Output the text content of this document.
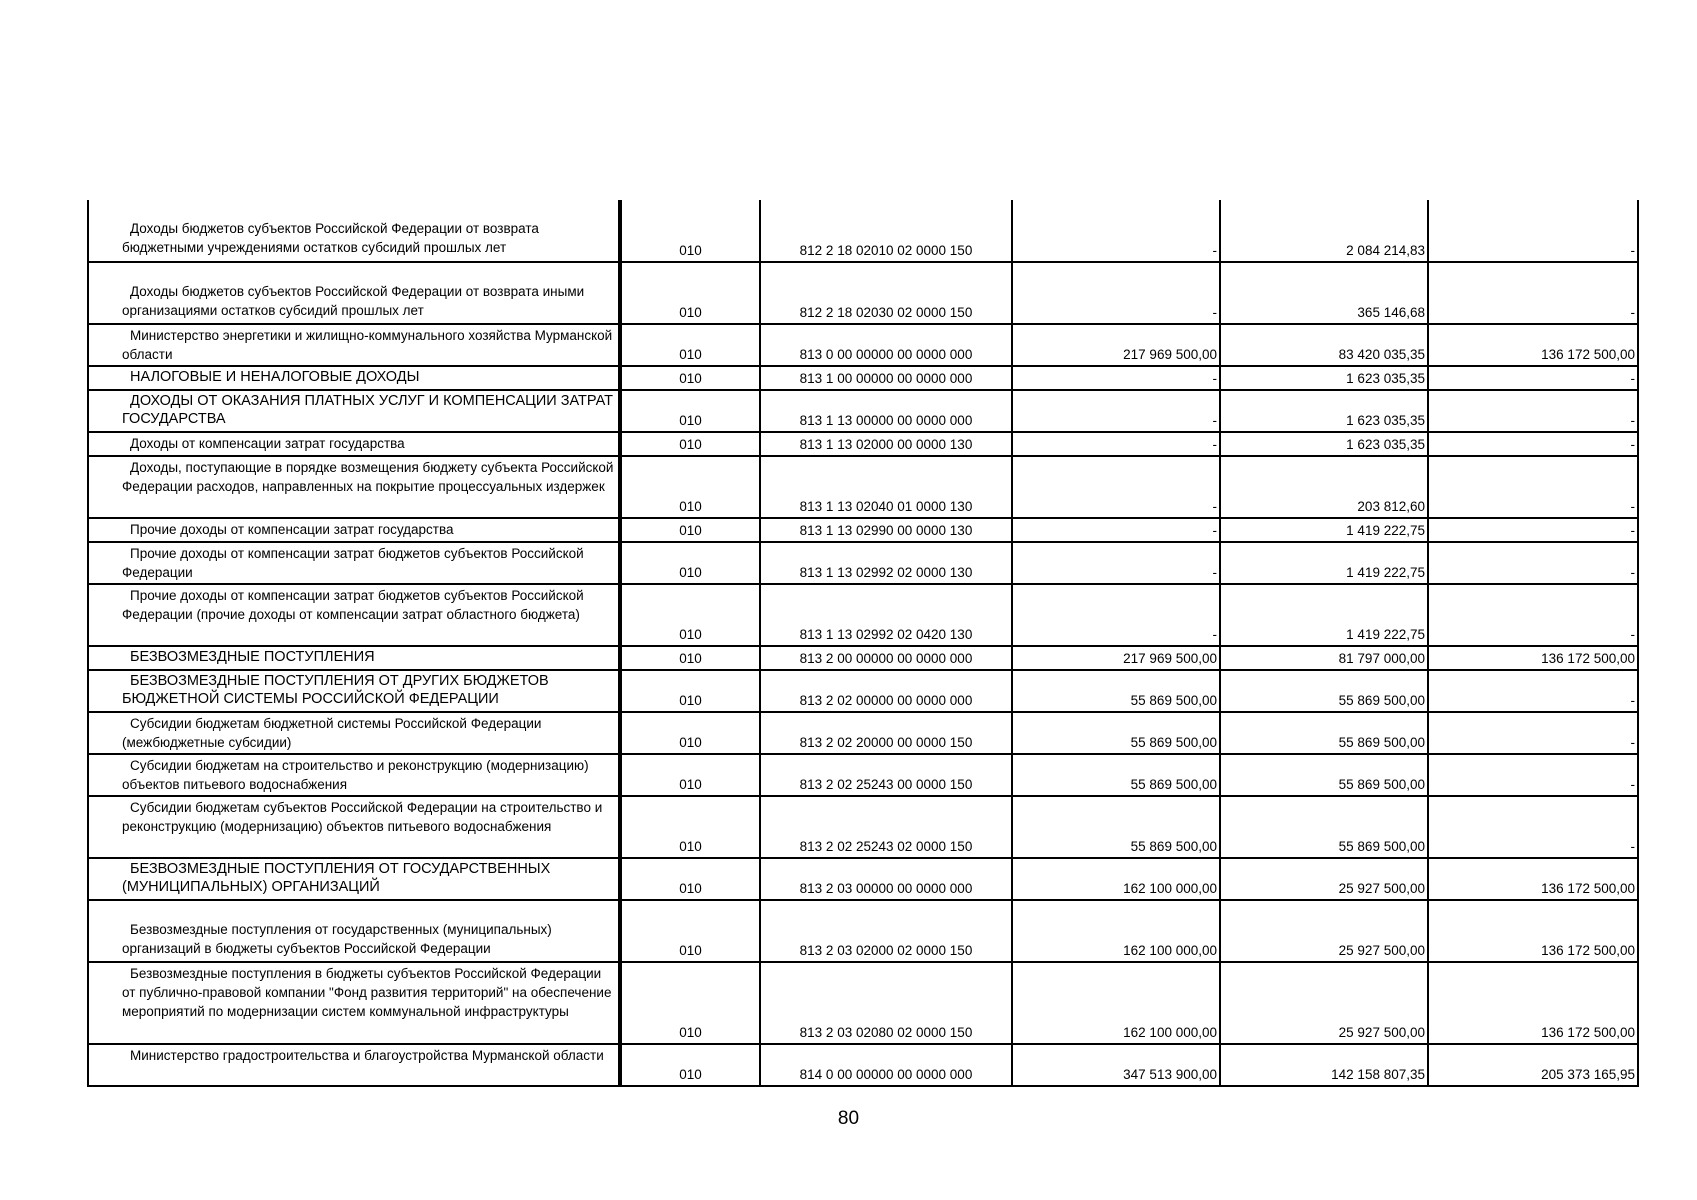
Доходы бюджетов субъектов Российской Федерации от возврата бюджетными учреждениями остатков субсидий прошлых лет	010	812 2 18 02010 02 0000 150	-	2 084 214,83	-
Доходы бюджетов субъектов Российской Федерации от возврата иными организациями остатков субсидий прошлых лет	010	812 2 18 02030 02 0000 150	-	365 146,68	-
Министерство энергетики и жилищно-коммунального хозяйства Мурманской области	010	813 0 00 00000 00 0000 000	217 969 500,00	83 420 035,35	136 172 500,00
НАЛОГОВЫЕ И НЕНАЛОГОВЫЕ ДОХОДЫ	010	813 1 00 00000 00 0000 000	-	1 623 035,35	-
ДОХОДЫ ОТ ОКАЗАНИЯ ПЛАТНЫХ УСЛУГ И КОМПЕНСАЦИИ ЗАТРАТ ГОСУДАРСТВА	010	813 1 13 00000 00 0000 000	-	1 623 035,35	-
Доходы от компенсации затрат государства	010	813 1 13 02000 00 0000 130	-	1 623 035,35	-
Доходы, поступающие в порядке возмещения бюджету субъекта Российской Федерации расходов, направленных на покрытие процессуальных издержек	010	813 1 13 02040 01 0000 130	-	203 812,60	-
Прочие доходы от компенсации затрат государства	010	813 1 13 02990 00 0000 130	-	1 419 222,75	-
Прочие доходы от компенсации затрат бюджетов субъектов Российской Федерации	010	813 1 13 02992 02 0000 130	-	1 419 222,75	-
Прочие доходы от компенсации затрат бюджетов субъектов Российской Федерации (прочие доходы от компенсации затрат областного бюджета)	010	813 1 13 02992 02 0420 130	-	1 419 222,75	-
БЕЗВОЗМЕЗДНЫЕ ПОСТУПЛЕНИЯ	010	813 2 00 00000 00 0000 000	217 969 500,00	81 797 000,00	136 172 500,00
БЕЗВОЗМЕЗДНЫЕ ПОСТУПЛЕНИЯ ОТ ДРУГИХ БЮДЖЕТОВ БЮДЖЕТНОЙ СИСТЕМЫ РОССИЙСКОЙ ФЕДЕРАЦИИ	010	813 2 02 00000 00 0000 000	55 869 500,00	55 869 500,00	-
Субсидии бюджетам бюджетной системы Российской Федерации (межбюджетные субсидии)	010	813 2 02 20000 00 0000 150	55 869 500,00	55 869 500,00	-
Субсидии бюджетам на строительство и реконструкцию (модернизацию) объектов питьевого водоснабжения	010	813 2 02 25243 00 0000 150	55 869 500,00	55 869 500,00	-
Субсидии бюджетам субъектов Российской Федерации на строительство и реконструкцию (модернизацию) объектов питьевого водоснабжения	010	813 2 02 25243 02 0000 150	55 869 500,00	55 869 500,00	-
БЕЗВОЗМЕЗДНЫЕ ПОСТУПЛЕНИЯ ОТ ГОСУДАРСТВЕННЫХ (МУНИЦИПАЛЬНЫХ) ОРГАНИЗАЦИЙ	010	813 2 03 00000 00 0000 000	162 100 000,00	25 927 500,00	136 172 500,00
Безвозмездные поступления от государственных (муниципальных) организаций в бюджеты субъектов Российской Федерации	010	813 2 03 02000 02 0000 150	162 100 000,00	25 927 500,00	136 172 500,00
Безвозмездные поступления в бюджеты субъектов Российской Федерации от публично-правовой компании "Фонд развития территорий" на обеспечение мероприятий по модернизации систем коммунальной инфраструктуры	010	813 2 03 02080 02 0000 150	162 100 000,00	25 927 500,00	136 172 500,00
Министерство градостроительства и благоустройства Мурманской области	010	814 0 00 00000 00 0000 000	347 513 900,00	142 158 807,35	205 373 165,95
80
